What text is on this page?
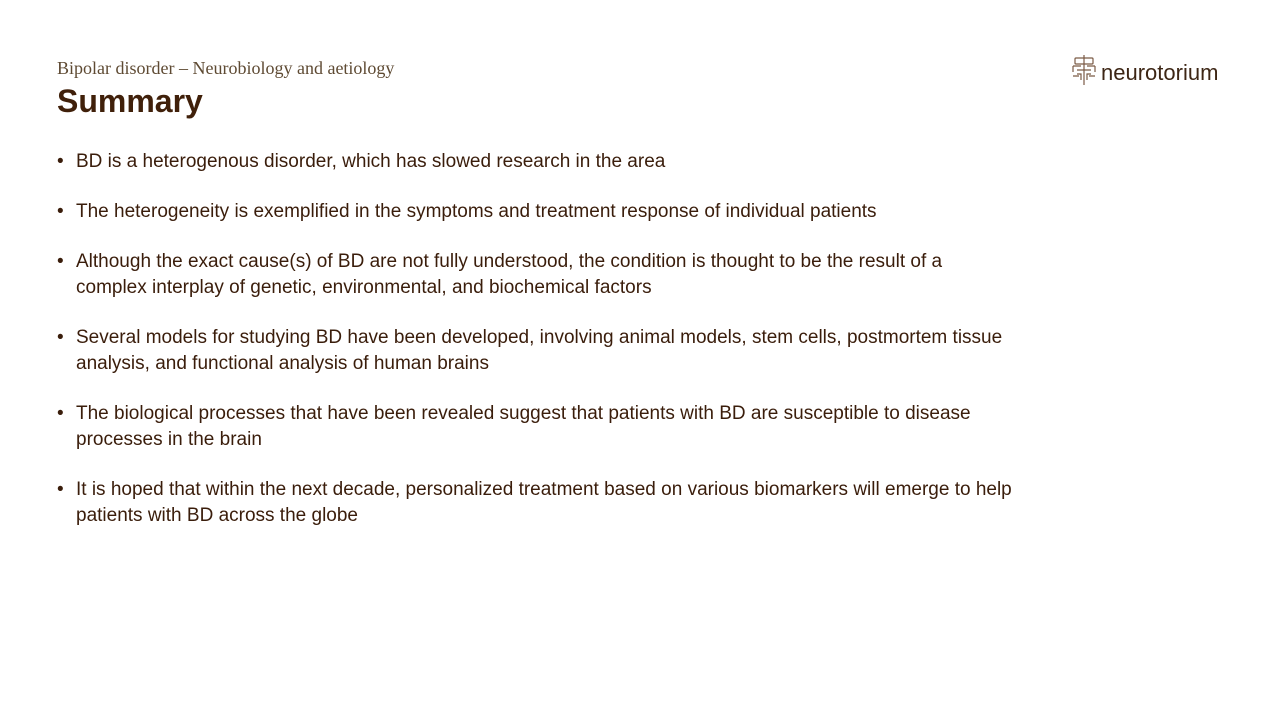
Bipolar disorder – Neurobiology and aetiology
Summary
neurotorium
• BD is a heterogenous disorder, which has slowed research in the area
• The heterogeneity is exemplified in the symptoms and treatment response of individual patients
• Although the exact cause(s) of BD are not fully understood, the condition is thought to be the result of a complex interplay of genetic, environmental, and biochemical factors
• Several models for studying BD have been developed, involving animal models, stem cells, postmortem tissue analysis, and functional analysis of human brains
• The biological processes that have been revealed suggest that patients with BD are susceptible to disease processes in the brain
• It is hoped that within the next decade, personalized treatment based on various biomarkers will emerge to help patients with BD across the globe
